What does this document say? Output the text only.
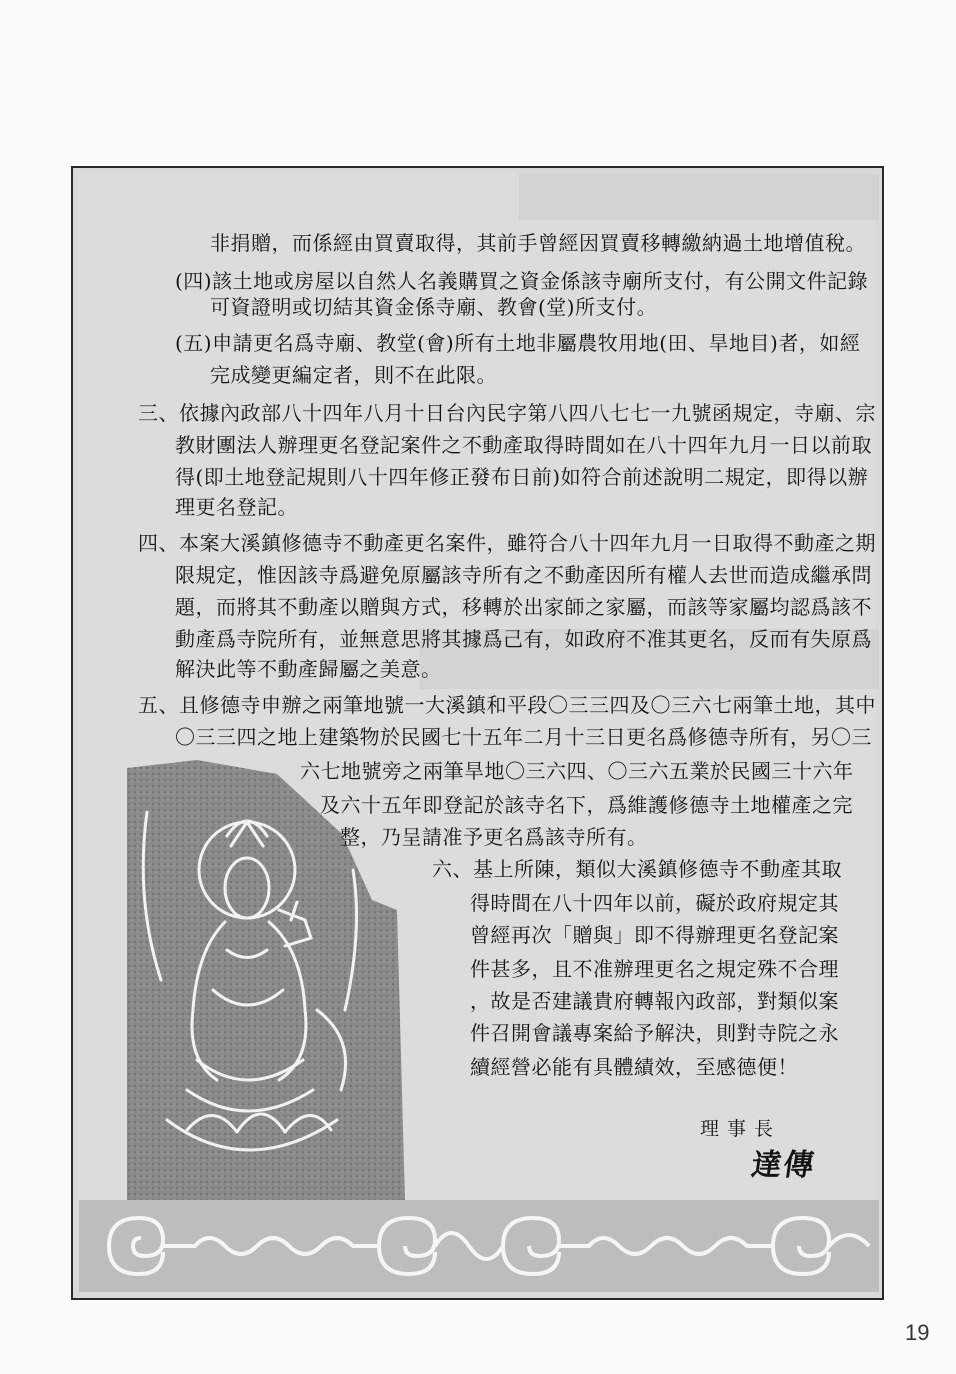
非捐贈，而係經由買賣取得，其前手曾經因買賣移轉繳納過土地增值稅。
(四)該土地或房屋以自然人名義購買之資金係該寺廟所支付，有公開文件記錄
可資證明或切結其資金係寺廟、教會(堂)所支付。
(五)申請更名爲寺廟、教堂(會)所有土地非屬農牧用地(田、旱地目)者，如經
完成變更編定者，則不在此限。
三、依據內政部八十四年八月十日台內民字第八四八七七一九號函規定，寺廟、宗
教財團法人辦理更名登記案件之不動產取得時間如在八十四年九月一日以前取
得(即土地登記規則八十四年修正發布日前)如符合前述說明二規定，即得以辦
理更名登記。
四、本案大溪鎮修德寺不動產更名案件，雖符合八十四年九月一日取得不動產之期
限規定，惟因該寺爲避免原屬該寺所有之不動產因所有權人去世而造成繼承問
題，而將其不動產以贈與方式，移轉於出家師之家屬，而該等家屬均認爲該不
動產爲寺院所有，並無意思將其據爲己有，如政府不准其更名，反而有失原爲
解決此等不動產歸屬之美意。
五、且修德寺申辦之兩筆地號一大溪鎮和平段〇三三四及〇三六七兩筆土地，其中
〇三三四之地上建築物於民國七十五年二月十三日更名爲修德寺所有，另〇三
六七地號旁之兩筆旱地〇三六四、〇三六五業於民國三十六年
及六十五年即登記於該寺名下，爲維護修德寺土地權產之完
整，乃呈請准予更名爲該寺所有。
六、基上所陳，類似大溪鎮修德寺不動產其取
得時間在八十四年以前，礙於政府規定其
曾經再次「贈與」即不得辦理更名登記案
件甚多，且不准辦理更名之規定殊不合理
，故是否建議貴府轉報內政部，對類似案
件召開會議專案給予解決，則對寺院之永
續經營必能有具體績效，至感德便！
理事長
達傳
19
